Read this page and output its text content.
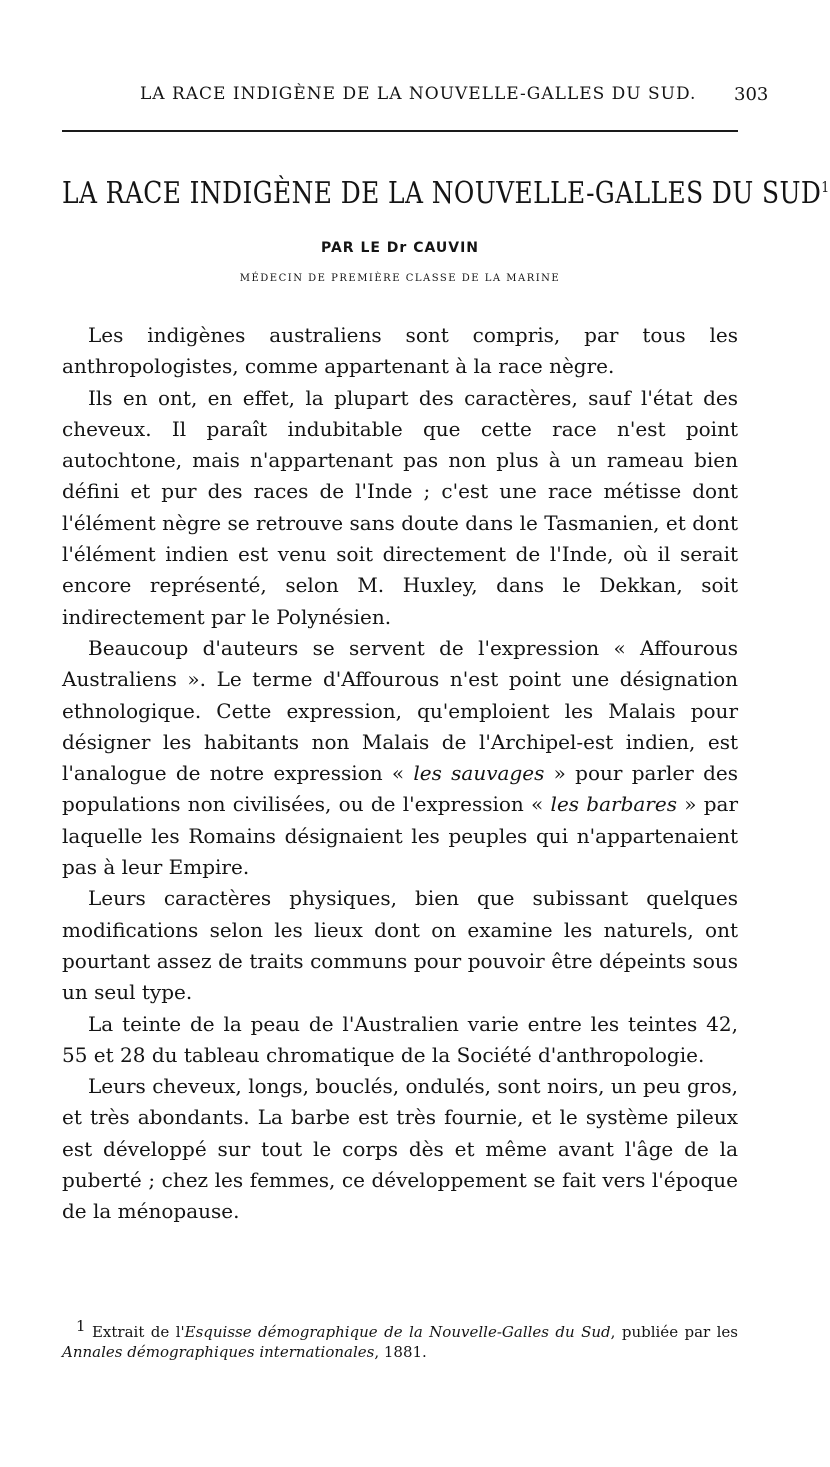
LA RACE INDIGÈNE DE LA NOUVELLE-GALLES DU SUD.	303
LA RACE INDIGÈNE DE LA NOUVELLE-GALLES DU SUD$^1$
PAR LE Dr CAUVIN
MÉDECIN DE PREMIÈRE CLASSE DE LA MARINE

Les indigènes australiens sont compris, par tous les anthropologistes, comme appartenant à la race nègre.

Ils en ont, en effet, la plupart des caractères, sauf l'état des cheveux. Il paraît indubitable que cette race n'est point autochtone, mais n'appartenant pas non plus à un rameau bien défini et pur des races de l'Inde ; c'est une race métisse dont l'élément nègre se retrouve sans doute dans le Tasmanien, et dont l'élément indien est venu soit directement de l'Inde, où il serait encore représenté, selon M. Huxley, dans le Dekkan, soit indirectement par le Polynésien.

Beaucoup d'auteurs se servent de l'expression « Affourous Australiens ». Le terme d'Affourous n'est point une désignation ethnologique. Cette expression, qu'emploient les Malais pour désigner les habitants non Malais de l'Archipel-est indien, est l'analogue de notre expression « les sauvages » pour parler des populations non civilisées, ou de l'expression « les barbares » par laquelle les Romains désignaient les peuples qui n'appartenaient pas à leur Empire.

Leurs caractères physiques, bien que subissant quelques modifications selon les lieux dont on examine les naturels, ont pourtant assez de traits communs pour pouvoir être dépeints sous un seul type.

La teinte de la peau de l'Australien varie entre les teintes 42, 55 et 28 du tableau chromatique de la Société d'anthropologie.

Leurs cheveux, longs, bouclés, ondulés, sont noirs, un peu gros, et très abondants. La barbe est très fournie, et le système pileux est développé sur tout le corps dès et même avant l'âge de la puberté ; chez les femmes, ce développement se fait vers l'époque de la ménopause.

1 Extrait de l'Esquisse démographique de la Nouvelle-Galles du Sud, publiée par les Annales démographiques internationales, 1881.
